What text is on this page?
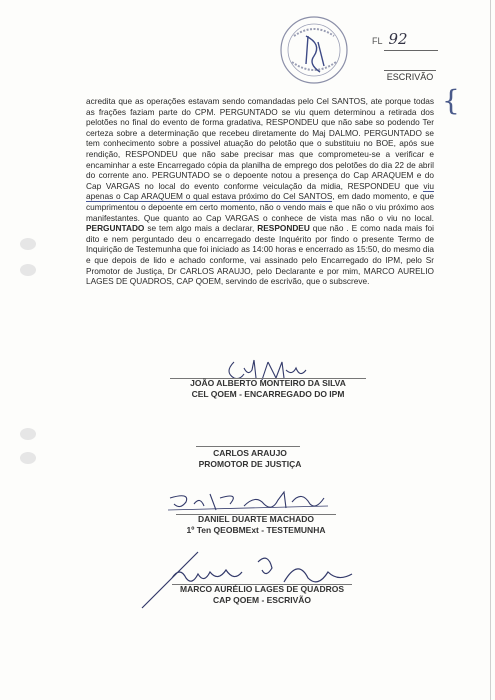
FL 92
ESCRIVÃO
{

acredita que as operações estavam sendo comandadas pelo Cel SANTOS, ate porque todas as frações faziam parte do CPM. PERGUNTADO se viu quem determinou a retirada dos pelotões no final do evento de forma gradativa, RESPONDEU que não sabe so podendo Ter certeza sobre a determinação que recebeu diretamente do Maj DALMO. PERGUNTADO se tem conhecimento sobre a possivel atuação do pelotão que o substituiu no BOE, após sue rendição, RESPONDEU que não sabe precisar mas que comprometeu-se a verificar e encaminhar a este Encarregado cópia da planilha de emprego dos pelotões do dia 22 de abril do corrente ano. PERGUNTADO se o depoente notou a presença do Cap ARAQUEM e do Cap VARGAS no local do evento conforme veiculação da midia, RESPONDEU que viu apenas o Cap ARAQUEM o qual estava próximo do Cel SANTOS, em dado momento, e que cumprimentou o depoente em certo momento, não o vendo mais e que não o viu próximo aos manifestantes. Que quanto ao Cap VARGAS o conhece de vista mas não o viu no local. PERGUNTADO se tem algo mais a declarar, RESPONDEU que não . E como nada mais foi dito e nem perguntado deu o encarregado deste Inquérito por findo o presente Termo de Inquirição de Testemunha que foi iniciado as 14:00 horas e encerrado as 15:50, do mesmo dia e que depois de lido e achado conforme, vai assinado pelo Encarregado do IPM, pelo Sr Promotor de Justiça, Dr CARLOS ARAUJO, pelo Declarante e por mim, MARCO AURELIO LAGES DE QUADROS, CAP QOEM, servindo de escrivão, que o subscreve.

JOÃO ALBERTO MONTEIRO DA SILVA
CEL QOEM - ENCARREGADO DO IPM
CARLOS ARAUJO
PROMOTOR DE JUSTIÇA
DANIEL DUARTE MACHADO
1º Ten QEOBMExt - TESTEMUNHA
MARCO AURÉLIO LAGES DE QUADROS
CAP QOEM - ESCRIVÃO
